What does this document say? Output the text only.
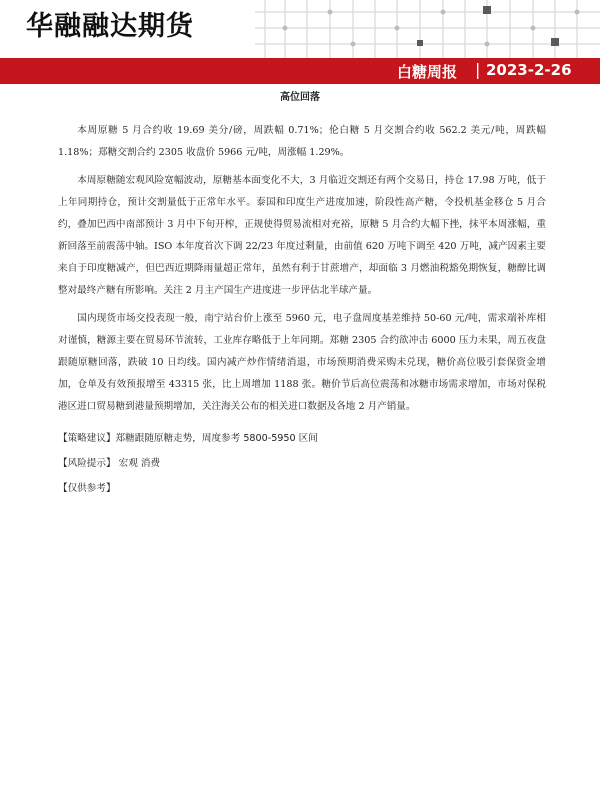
华融融达期货
白糖周报 | 2023-2-26
高位回落

本周原糖 5 月合约收 19.69 美分/磅，周跌幅 0.71%；伦白糖 5 月交割合约收 562.2 美元/吨，周跌幅 1.18%；郑糖交割合约 2305 收盘价 5966 元/吨，周涨幅 1.29%。

本周原糖随宏观风险宽幅波动，原糖基本面变化不大，3 月临近交割还有两个交易日，持仓 17.98 万吨，低于上年同期持仓，预计交割量低于正常年水平。泰国和印度生产进度加速，阶段性高产糖，令投机基金移仓 5 月合约，叠加巴西中南部预计 3 月中下旬开榨，正规使得贸易流相对充裕，原糖 5 月合约大幅下挫，抹平本周涨幅，重新回落至前震荡中轴。ISO 本年度首次下调 22/23 年度过剩量，由前值 620 万吨下调至 420 万吨，减产因素主要来自于印度糖减产，但巴西近期降雨量超正常年，虽然有利于甘蔗增产，却面临 3 月燃油税豁免期恢复，糖醇比调整对最终产糖有所影响。关注 2 月主产国生产进度进一步评估北半球产量。

国内现货市场交投表现一般，南宁站台价上涨至 5960 元，电子盘周度基差维持 50-60 元/吨，需求端补库相对谨慎，糖源主要在贸易环节流转，工业库存略低于上年同期。郑糖 2305 合约欲冲击 6000 压力未果，周五夜盘跟随原糖回落，跌破 10 日均线。国内减产炒作情绪消退，市场预期消费采购未兑现，糖价高位吸引套保资金增加，仓单及有效预报增至 43315 张，比上周增加 1188 张。糖价节后高位震荡和冰糖市场需求增加，市场对保税港区进口贸易糖到港量预期增加，关注海关公布的相关进口数据及各地 2 月产销量。

【策略建议】郑糖跟随原糖走势，周度参考 5800-5950 区间
【风险提示】 宏观 消费
【仅供参考】
